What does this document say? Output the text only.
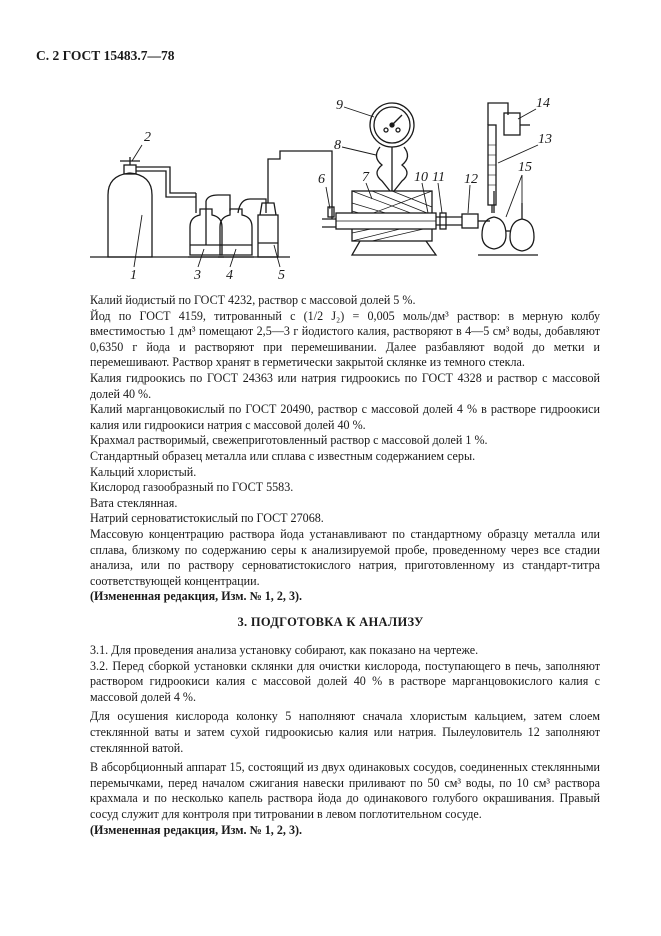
С. 2 ГОСТ 15483.7—78
1
2
3 4	5
6	7
8
9
10 11 12
13
14
15

Калий йодистый по ГОСТ 4232, раствор с массовой долей 5 %.

Йод по ГОСТ 4159, титрованный с (1/2 J₂) = 0,005 моль/дм³ раствор: в мерную колбу вместимостью 1 дм³ помещают 2,5—3 г йодистого калия, растворяют в 4—5 см³ воды, добавляют 0,6350 г йода и растворяют при перемешивании. Далее разбавляют водой до метки и перемешивают. Раствор хранят в герметически закрытой склянке из темного стекла.

Калия гидроокись по ГОСТ 24363 или натрия гидроокись по ГОСТ 4328 и раствор с массовой долей 40 %.

Калий марганцовокислый по ГОСТ 20490, раствор с массовой долей 4 % в растворе гидроокиси калия или гидроокиси натрия с массовой долей 40 %.

Крахмал растворимый, свежеприготовленный раствор с массовой долей 1 %.

Стандартный образец металла или сплава с известным содержанием серы.

Кальций хлористый.

Кислород газообразный по ГОСТ 5583.

Вата стеклянная.

Натрий серноватистокислый по ГОСТ 27068.

Массовую концентрацию раствора йода устанавливают по стандартному образцу металла или сплава, близкому по содержанию серы к анализируемой пробе, проведенному через все стадии анализа, или по раствору серноватистокислого натрия, приготовленному из стандарт-титра соответствующей концентрации.

(Измененная редакция, Изм. № 1, 2, 3).

3. ПОДГОТОВКА К АНАЛИЗУ

3.1. Для проведения анализа установку собирают, как показано на чертеже.

3.2. Перед сборкой установки склянки для очистки кислорода, поступающего в печь, заполняют раствором гидроокиси калия с массовой долей 40 % в растворе марганцовокислого калия с массовой долей 4 %.

Для осушения кислорода колонку 5 наполняют сначала хлористым кальцием, затем слоем стеклянной ваты и затем сухой гидроокисью калия или натрия. Пылеуловитель 12 заполняют стеклянной ватой.

В абсорбционный аппарат 15, состоящий из двух одинаковых сосудов, соединенных стеклянными перемычками, перед началом сжигания навески приливают по 50 см³ воды, по 10 см³ раствора крахмала и по несколько капель раствора йода до одинакового голубого окрашивания. Правый сосуд служит для контроля при титровании в левом поглотительном сосуде.

(Измененная редакция, Изм. № 1, 2, 3).
